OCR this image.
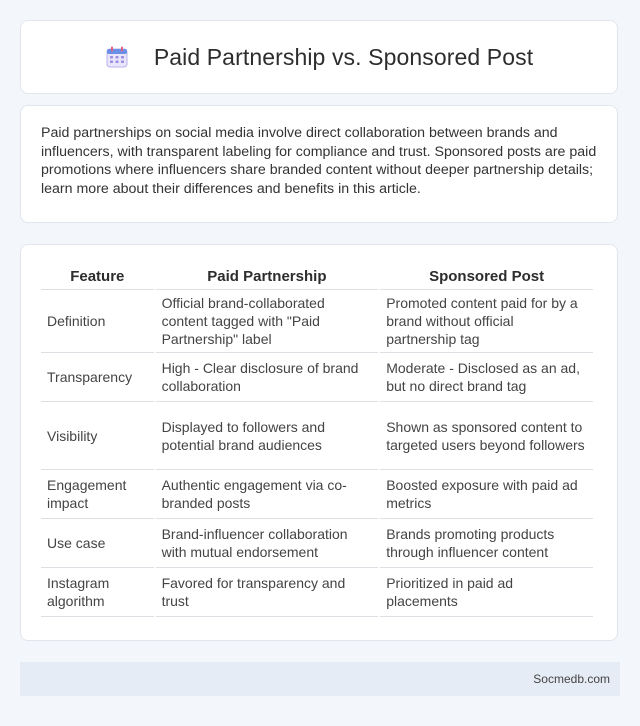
Paid Partnership vs. Sponsored Post

Paid partnerships on social media involve direct collaboration between brands and influencers, with transparent labeling for compliance and trust. Sponsored posts are paid promotions where influencers share branded content without deeper partnership details; learn more about their differences and benefits in this article.

Feature	Paid Partnership	Sponsored Post
Definition	Official brand-collaborated content tagged with "Paid Partnership" label	Promoted content paid for by a brand without official partnership tag
Transparency	High - Clear disclosure of brand collaboration	Moderate - Disclosed as an ad, but no direct brand tag
Visibility	Displayed to followers and potential brand audiences	Shown as sponsored content to targeted users beyond followers
Engagement impact	Authentic engagement via co-branded posts	Boosted exposure with paid ad metrics
Use case	Brand-influencer collaboration with mutual endorsement	Brands promoting products through influencer content
Instagram algorithm	Favored for transparency and trust	Prioritized in paid ad placements
Socmedb.com
